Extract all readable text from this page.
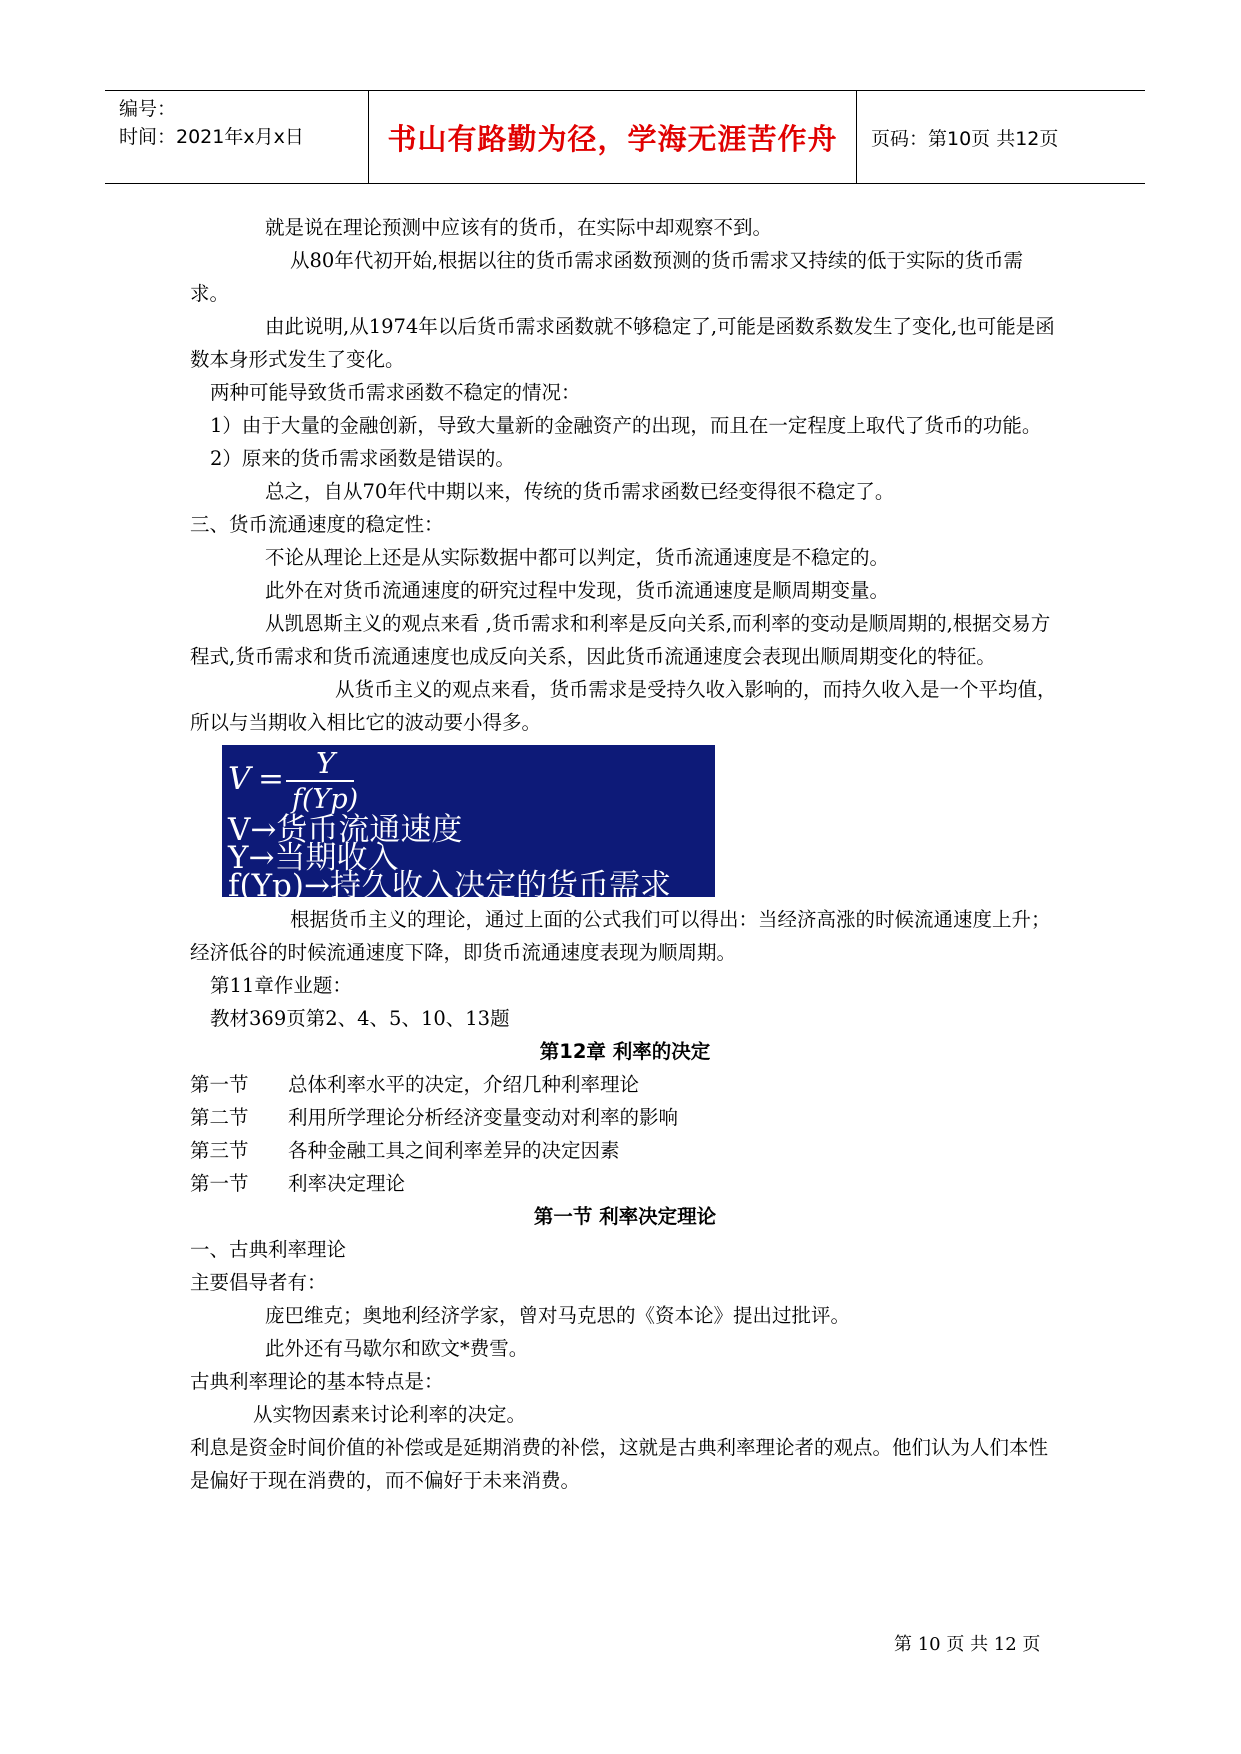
编号：
时间：2021年x月x日	书山有路勤为径，学海无涯苦作舟	页码：第10页 共12页

就是说在理论预测中应该有的货币，在实际中却观察不到。

从80年代初开始,根据以往的货币需求函数预测的货币需求又持续的低于实际的货币需求。

由此说明,从1974年以后货币需求函数就不够稳定了,可能是函数系数发生了变化,也可能是函数本身形式发生了变化。

两种可能导致货币需求函数不稳定的情况：

1）由于大量的金融创新，导致大量新的金融资产的出现，而且在一定程度上取代了货币的功能。

2）原来的货币需求函数是错误的。

总之，自从70年代中期以来，传统的货币需求函数已经变得很不稳定了。

三、货币流通速度的稳定性：

不论从理论上还是从实际数据中都可以判定，货币流通速度是不稳定的。

此外在对货币流通速度的研究过程中发现，货币流通速度是顺周期变量。

从凯恩斯主义的观点来看 ,货币需求和利率是反向关系,而利率的变动是顺周期的,根据交易方程式,货币需求和货币流通速度也成反向关系，因此货币流通速度会表现出顺周期变化的特征。

从货币主义的观点来看，货币需求是受持久收入影响的，而持久收入是一个平均值，所以与当期收入相比它的波动要小得多。

V = Y
f(Yp)
V→货币流通速度
Y→当期收入
f(Yp)→持久收入决定的货币需求

根据货币主义的理论，通过上面的公式我们可以得出：当经济高涨的时候流通速度上升；经济低谷的时候流通速度下降，即货币流通速度表现为顺周期。

第11章作业题：

教材369页第2、4、5、10、13题

第12章 利率的决定

第一节	总体利率水平的决定，介绍几种利率理论
第二节	利用所学理论分析经济变量变动对利率的影响
第三节	各种金融工具之间利率差异的决定因素
第一节	利率决定理论

第一节 利率决定理论

一、古典利率理论

主要倡导者有：

庞巴维克；奥地利经济学家，曾对马克思的《资本论》提出过批评。

此外还有马歇尔和欧文*费雪。

古典利率理论的基本特点是：

从实物因素来讨论利率的决定。

利息是资金时间价值的补偿或是延期消费的补偿，这就是古典利率理论者的观点。他们认为人们本性是偏好于现在消费的，而不偏好于未来消费。

第 10 页 共 12 页
